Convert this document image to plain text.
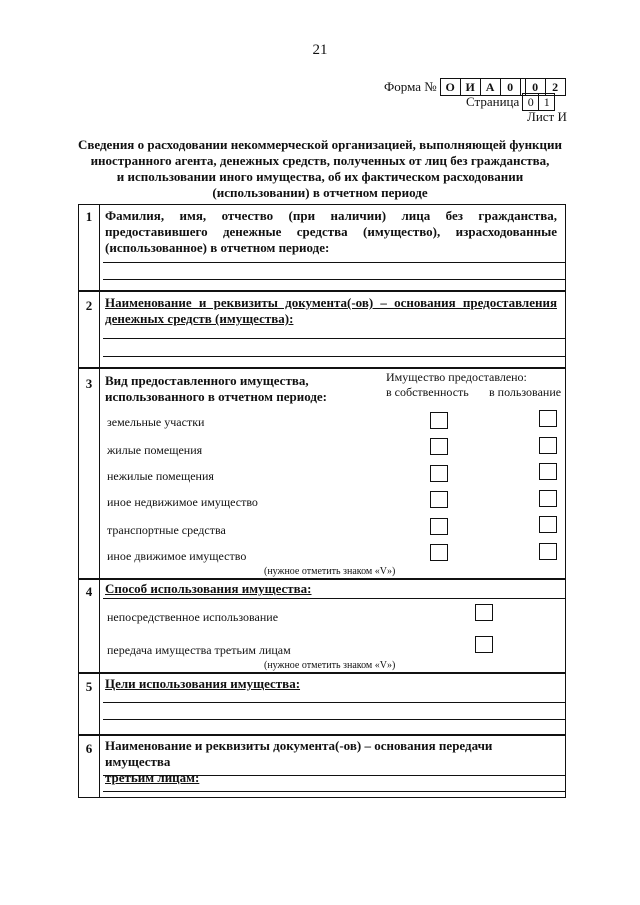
21
Форма № О И А	0	0	2
Страница 0 1
Лист И
Сведения о расходовании некоммерческой организацией, выполняющей функции
иностранного агента, денежных средств, полученных от лиц без гражданства,
и использовании иного имущества, об их фактическом расходовании
(использовании) в отчетном периоде
1 Фамилия, имя, отчество (при наличии) лица без гражданства, предоставившего денежные средства (имущество), израсходованные (использованное) в отчетном периоде:
2 Наименование и реквизиты документа(-ов) – основания предоставления денежных средств (имущества):
3 Вид предоставленного имущества,
использованного в отчетном периоде:
Имущество предоставлено:
в собственность в пользование
земельные участки
жилые помещения
нежилые помещения
иное недвижимое имущество
транспортные средства
иное движимое имущество
(нужное отметить знаком «V»)
4 Способ использования имущества:
непосредственное использование
передача имущества третьим лицам
(нужное отметить знаком «V»)
5 Цели использования имущества:
6 Наименование и реквизиты документа(-ов) – основания передачи имущества
третьим лицам:
